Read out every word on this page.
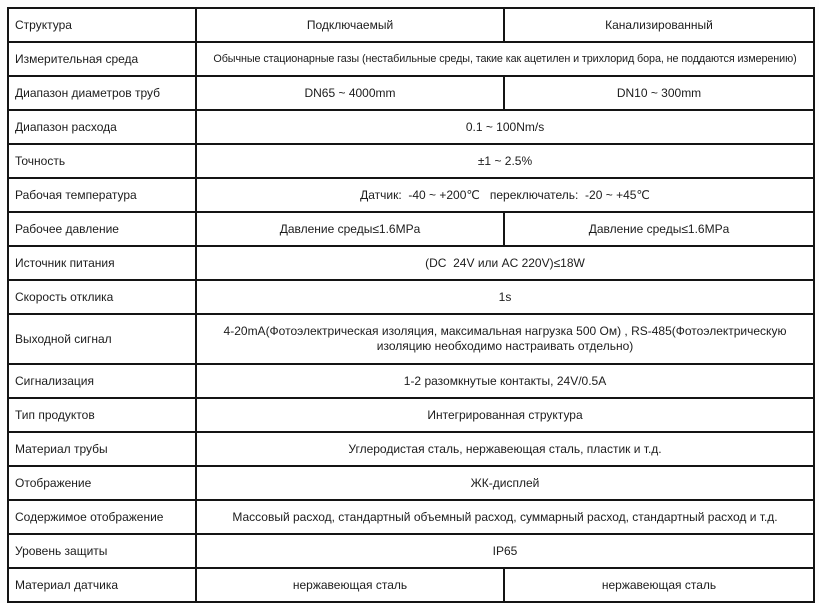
Структура	Подключаемый	Канализированный
Измерительная среда	Обычные стационарные газы (нестабильные среды, такие как ацетилен и трихлорид бора, не поддаются измерению)	
Диапазон диаметров труб	DN65 ~ 4000mm	DN10 ~ 300mm
Диапазон расхода	0.1 ~ 100Nm/s	
Точность	±1 ~ 2.5%	
Рабочая температура	Датчик:  -40 ~ +200℃   переключатель:  -20 ~ +45℃	
Рабочее давление	Давление среды≤1.6MPa	Давление среды≤1.6MPa
Источник питания	(DC  24V или AC 220V)≤18W	
Скорость отклика	1s	
Выходной сигнал	4-20mA(Фотоэлектрическая изоляция, максимальная нагрузка 500 Ом) , RS-485(Фотоэлектрическую изоляцию необходимо настраивать отдельно)	
Сигнализация	1-2 разомкнутые контакты, 24V/0.5A	
Тип продуктов	Интегрированная структура	
Материал трубы	Углеродистая сталь, нержавеющая сталь, пластик и т.д.	
Отображение	ЖК-дисплей	
Содержимое отображение	Массовый расход, стандартный объемный расход, суммарный расход, стандартный расход и т.д.	
Уровень защиты	IP65	
Материал датчика	нержавеющая сталь	нержавеющая сталь
